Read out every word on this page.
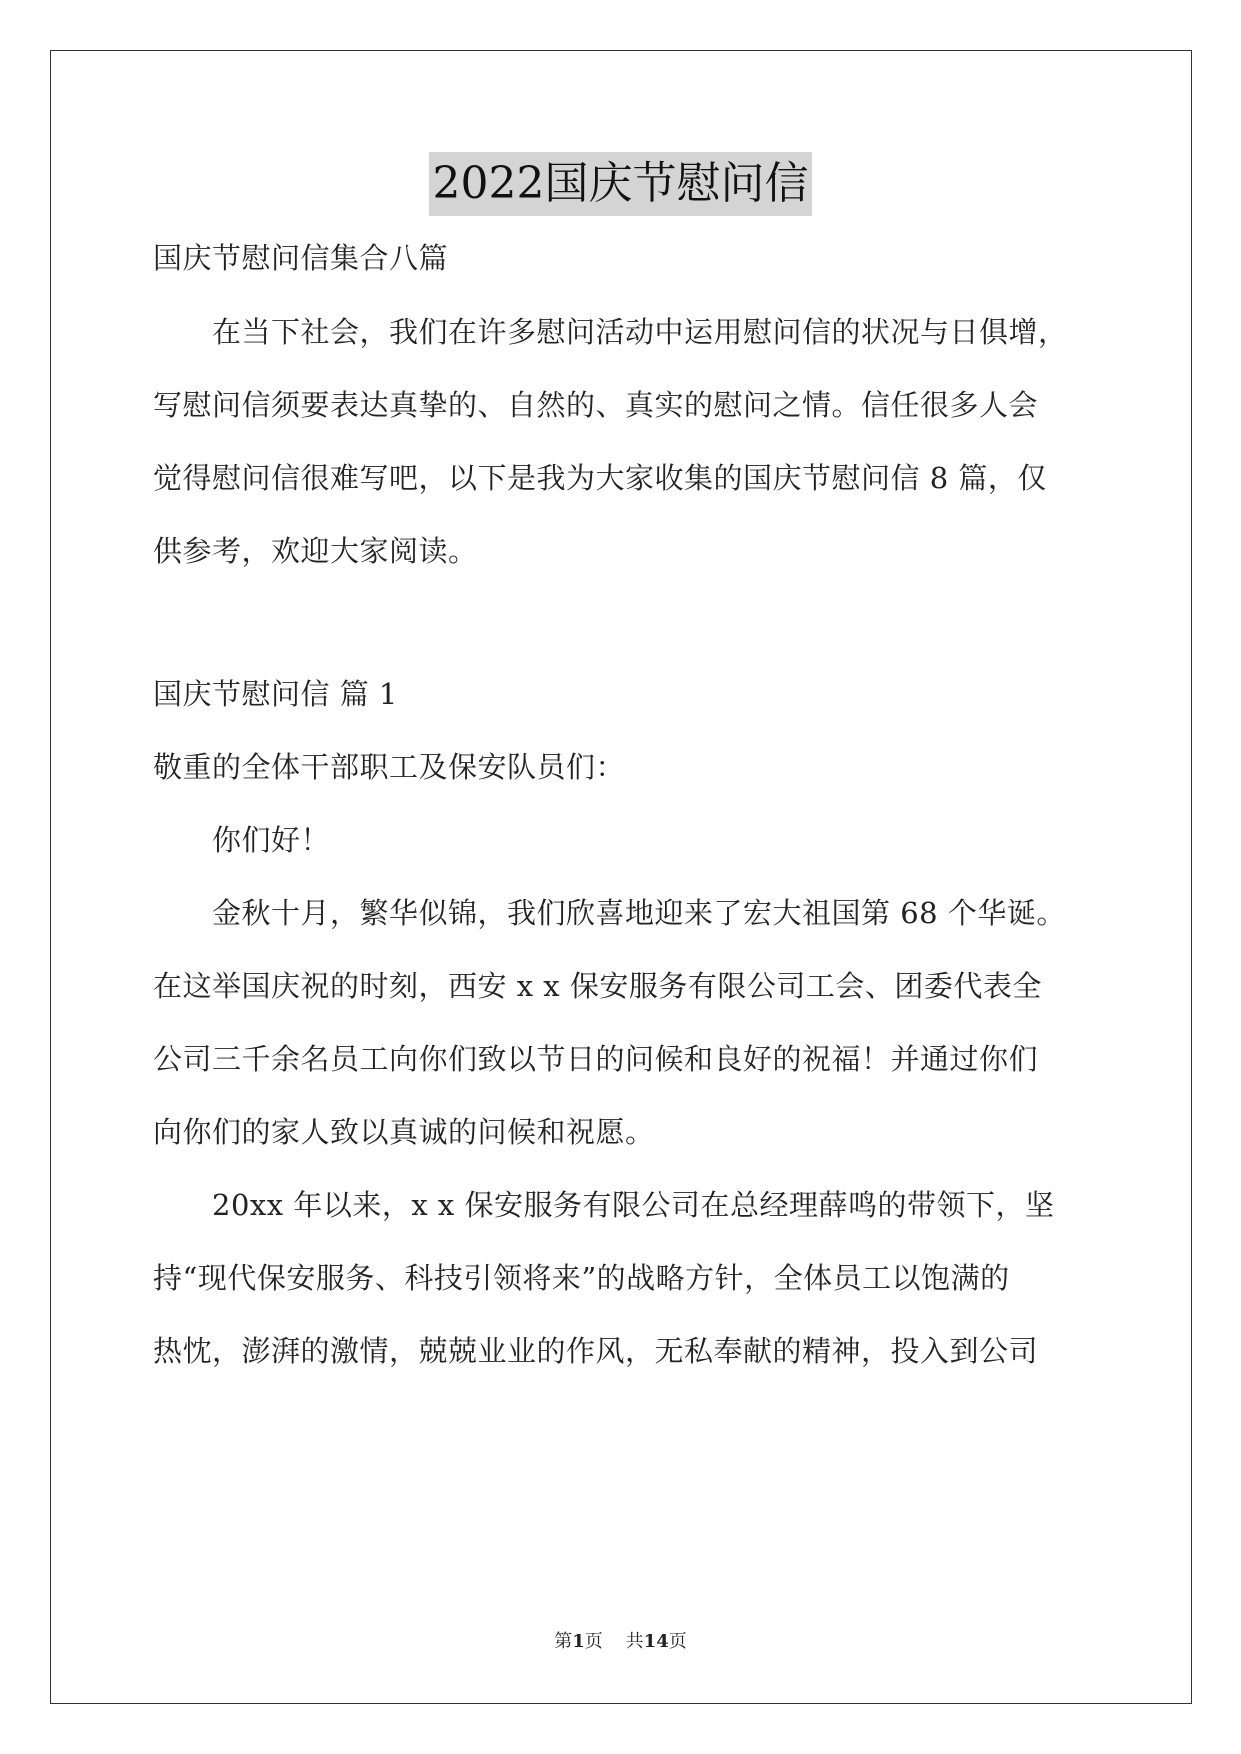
2022国庆节慰问信
国庆节慰问信集合八篇
在当下社会，我们在许多慰问活动中运用慰问信的状况与日俱增，
写慰问信须要表达真挚的、自然的、真实的慰问之情。信任很多人会
觉得慰问信很难写吧，以下是我为大家收集的国庆节慰问信 8 篇，仅
供参考，欢迎大家阅读。
国庆节慰问信 篇 1
敬重的全体干部职工及保安队员们：
你们好！
金秋十月，繁华似锦，我们欣喜地迎来了宏大祖国第 68 个华诞。
在这举国庆祝的时刻，西安 x x 保安服务有限公司工会、团委代表全
公司三千余名员工向你们致以节日的问候和良好的祝福！并通过你们
向你们的家人致以真诚的问候和祝愿。
20xx 年以来，x x 保安服务有限公司在总经理薛鸣的带领下，坚
持“现代保安服务、科技引领将来”的战略方针，全体员工以饱满的
热忱，澎湃的激情，兢兢业业的作风，无私奉献的精神，投入到公司
第1页    共14页
